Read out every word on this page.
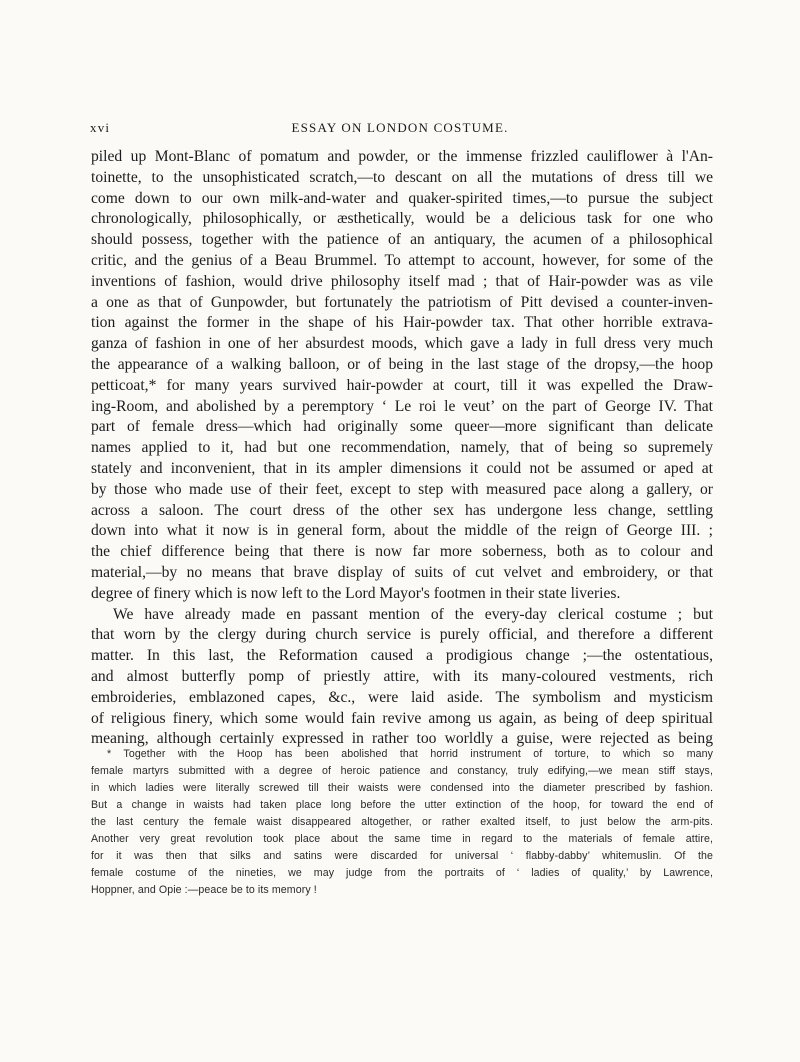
xvi	ESSAY ON LONDON COSTUME.

piled up Mont-Blanc of pomatum and powder, or the immense frizzled cauliflower à l'An-

toinette, to the unsophisticated scratch,—to descant on all the mutations of dress till we

come down to our own milk-and-water and quaker-spirited times,—to pursue the subject

chronologically, philosophically, or æsthetically, would be a delicious task for one who

should possess, together with the patience of an antiquary, the acumen of a philosophical

critic, and the genius of a Beau Brummel. To attempt to account, however, for some of the

inventions of fashion, would drive philosophy itself mad ; that of Hair-powder was as vile

a one as that of Gunpowder, but fortunately the patriotism of Pitt devised a counter-inven-

tion against the former in the shape of his Hair-powder tax. That other horrible extrava-

ganza of fashion in one of her absurdest moods, which gave a lady in full dress very much

the appearance of a walking balloon, or of being in the last stage of the dropsy,—the hoop

petticoat,* for many years survived hair-powder at court, till it was expelled the Draw-

ing-Room, and abolished by a peremptory ‘ Le roi le veut’ on the part of George IV. That

part of female dress—which had originally some queer—more significant than delicate

names applied to it, had but one recommendation, namely, that of being so supremely

stately and inconvenient, that in its ampler dimensions it could not be assumed or aped at

by those who made use of their feet, except to step with measured pace along a gallery, or

across a saloon. The court dress of the other sex has undergone less change, settling

down into what it now is in general form, about the middle of the reign of George III. ;

the chief difference being that there is now far more soberness, both as to colour and

material,—by no means that brave display of suits of cut velvet and embroidery, or that

degree of finery which is now left to the Lord Mayor's footmen in their state liveries.

We have already made en passant mention of the every-day clerical costume ; but

that worn by the clergy during church service is purely official, and therefore a different

matter. In this last, the Reformation caused a prodigious change ;—the ostentatious,

and almost butterfly pomp of priestly attire, with its many-coloured vestments, rich

embroideries, emblazoned capes, &c., were laid aside. The symbolism and mysticism

of religious finery, which some would fain revive among us again, as being of deep spiritual

meaning, although certainly expressed in rather too worldly a guise, were rejected as being

* Together with the Hoop has been abolished that horrid instrument of torture, to which so many

female martyrs submitted with a degree of heroic patience and constancy, truly edifying,—we mean stiff stays,

in which ladies were literally screwed till their waists were condensed into the diameter prescribed by fashion.

But a change in waists had taken place long before the utter extinction of the hoop, for toward the end of

the last century the female waist disappeared altogether, or rather exalted itself, to just below the arm-pits.

Another very great revolution took place about the same time in regard to the materials of female attire,

for it was then that silks and satins were discarded for universal ‘ flabby-dabby’ whitemuslin. Of the

female costume of the nineties, we may judge from the portraits of ‘ ladies of quality,’ by Lawrence,

Hoppner, and Opie :—peace be to its memory !
